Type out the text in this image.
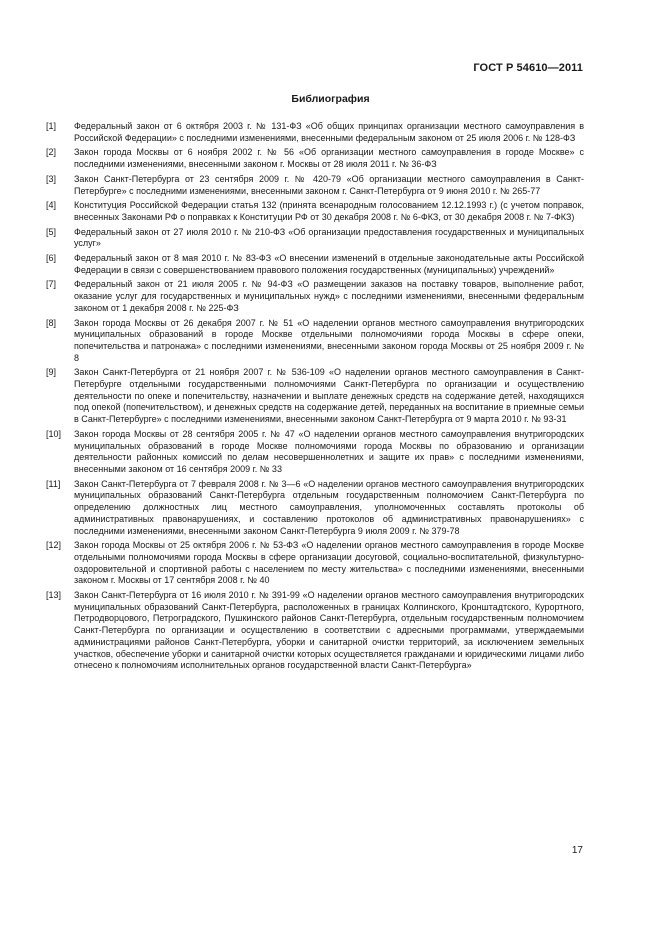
ГОСТ Р 54610—2011
Библиография
[1]	Федеральный закон от 6 октября 2003 г. № 131-ФЗ «Об общих принципах организации местного самоуправления в Российской Федерации» с последними изменениями, внесенными федеральным законом от 25 июля 2006 г. № 128-ФЗ
[2]	Закон города Москвы от 6 ноября 2002 г. № 56 «Об организации местного самоуправления в городе Москве» с последними изменениями, внесенными законом г. Москвы от 28 июля 2011 г. № 36-ФЗ
[3]	Закон Санкт-Петербурга от 23 сентября 2009 г. № 420-79 «Об организации местного самоуправления в Санкт-Петербурге» с последними изменениями, внесенными законом г. Санкт-Петербурга от 9 июня 2010 г. № 265-77
[4]	Конституция Российской Федерации статья 132 (принята всенародным голосованием 12.12.1993 г.) (с учетом поправок, внесенных Законами РФ о поправках к Конституции РФ от 30 декабря 2008 г. № 6-ФКЗ, от 30 декабря 2008 г. № 7-ФКЗ)
[5]	Федеральный закон от 27 июля 2010 г. № 210-ФЗ «Об организации предоставления государственных и муниципальных услуг»
[6]	Федеральный закон от 8 мая 2010 г. № 83-ФЗ «О внесении изменений в отдельные законодательные акты Российской Федерации в связи с совершенствованием правового положения государственных (муниципальных) учреждений»
[7]	Федеральный закон от 21 июля 2005 г. № 94-ФЗ «О размещении заказов на поставку товаров, выполнение работ, оказание услуг для государственных и муниципальных нужд» с последними изменениями, внесенными федеральным законом от 1 декабря 2008 г. № 225-ФЗ
[8]	Закон города Москвы от 26 декабря 2007 г. № 51 «О наделении органов местного самоуправления внутригородских муниципальных образований в городе Москве отдельными полномочиями города Москвы в сфере опеки, попечительства и патронажа» с последними изменениями, внесенными законом города Москвы от 25 ноября 2009 г. № 8
[9]	Закон Санкт-Петербурга от 21 ноября 2007 г. № 536-109 «О наделении органов местного самоуправления в Санкт-Петербурге отдельными государственными полномочиями Санкт-Петербурга по организации и осуществлению деятельности по опеке и попечительству, назначении и выплате денежных средств на содержание детей, находящихся под опекой (попечительством), и денежных средств на содержание детей, переданных на воспитание в приемные семьи в Санкт-Петербурге» с последними изменениями, внесенными законом Санкт-Петербурга от 9 марта 2010 г. № 93-31
[10]	Закон города Москвы от 28 сентября 2005 г. № 47 «О наделении органов местного самоуправления внутригородских муниципальных образований в городе Москве полномочиями города Москвы по образованию и организации деятельности районных комиссий по делам несовершеннолетних и защите их прав» с последними изменениями, внесенными законом от 16 сентября 2009 г. № 33
[11]	Закон Санкт-Петербурга от 7 февраля 2008 г. № 3—6 «О наделении органов местного самоуправления внутригородских муниципальных образований Санкт-Петербурга отдельным государственным полномочием Санкт-Петербурга по определению должностных лиц местного самоуправления, уполномоченных составлять протоколы об административных правонарушениях, и составлению протоколов об административных правонарушениях» с последними изменениями, внесенными законом Санкт-Петербурга 9 июля 2009 г. № 379-78
[12]	Закон города Москвы от 25 октября 2006 г. № 53-ФЗ «О наделении органов местного самоуправления в городе Москве отдельными полномочиями города Москвы в сфере организации досуговой, социально-воспитательной, физкультурно-оздоровительной и спортивной работы с населением по месту жительства» с последними изменениями, внесенными законом г. Москвы от 17 сентября 2008 г. № 40
[13]	Закон Санкт-Петербурга от 16 июля 2010 г. № 391-99 «О наделении органов местного самоуправления внутригородских муниципальных образований Санкт-Петербурга, расположенных в границах Колпинского, Кронштадтского, Курортного, Петродворцового, Петроградского, Пушкинского районов Санкт-Петербурга, отдельным государственным полномочием Санкт-Петербурга по организации и осуществлению в соответствии с адресными программами, утверждаемыми администрациями районов Санкт-Петербурга, уборки и санитарной очистки территорий, за исключением земельных участков, обеспечение уборки и санитарной очистки которых осуществляется гражданами и юридическими лицами либо отнесено к полномочиям исполнительных органов государственной власти Санкт-Петербурга»
17
